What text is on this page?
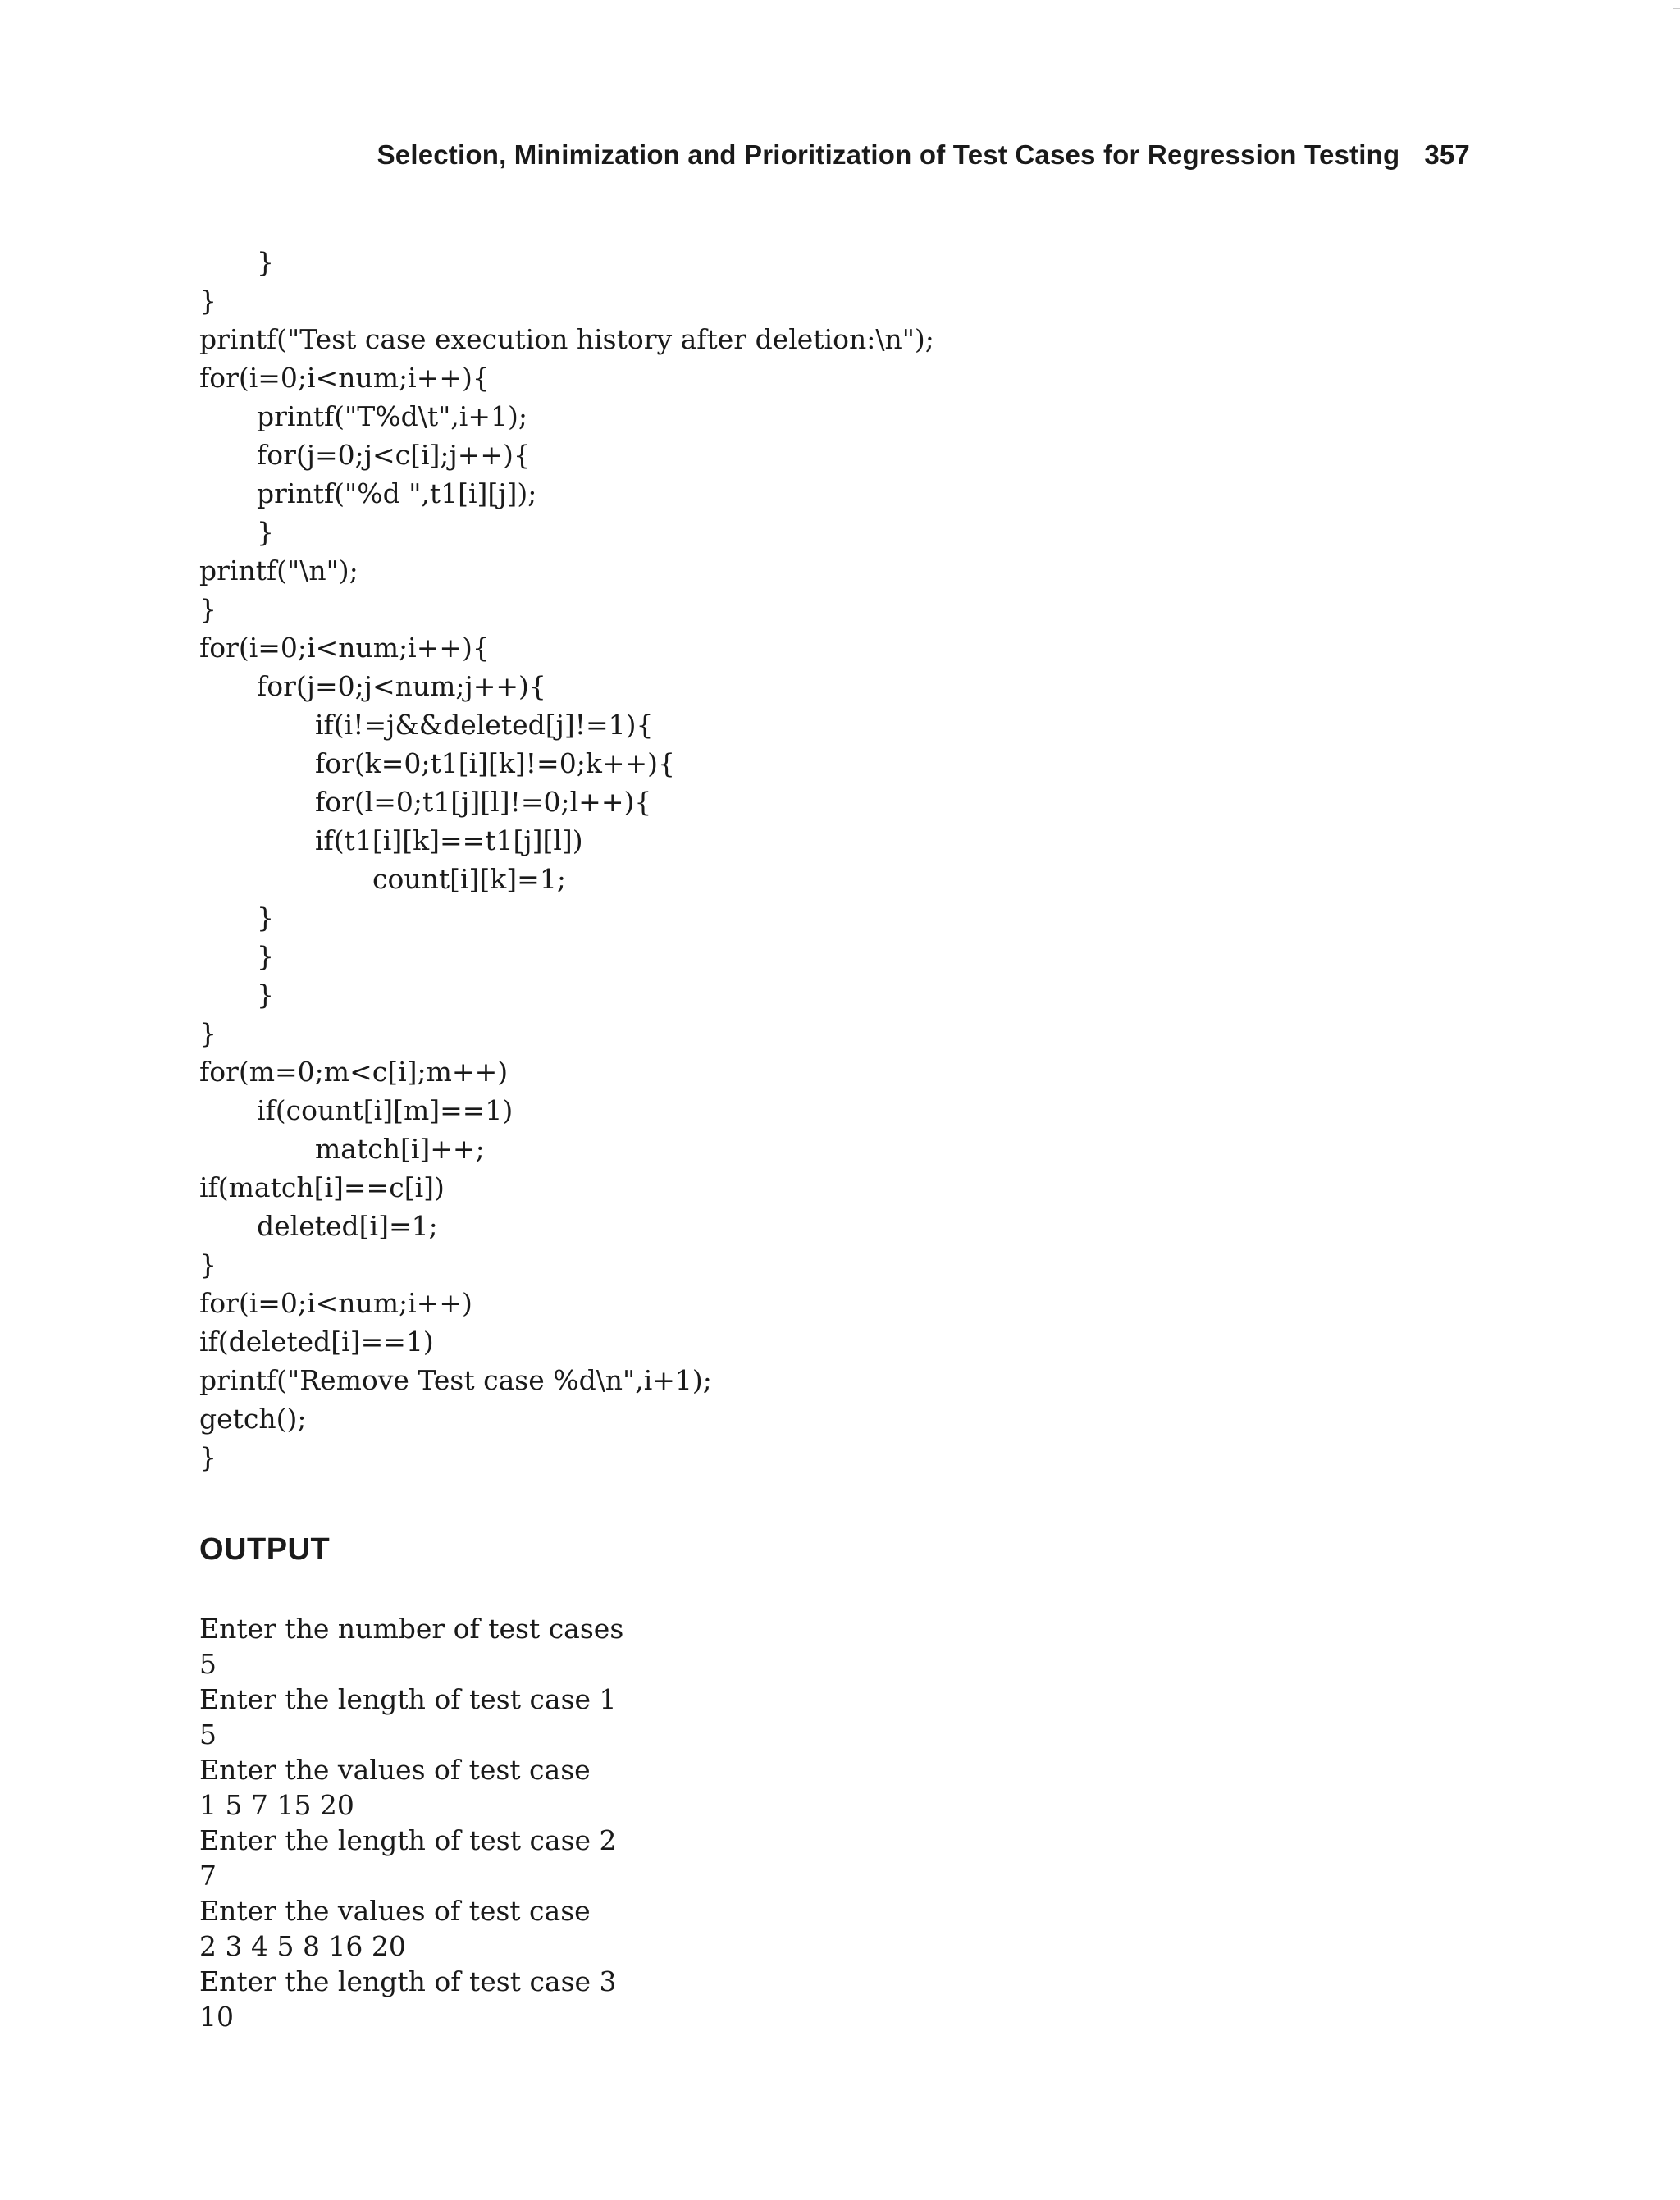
Selection, Minimization and Prioritization of Test Cases for Regression Testing 357
}
}
printf("Test case execution history after deletion:\n");
for(i=0;i<num;i++){
printf("T%d\t",i+1);
for(j=0;j<c[i];j++){
printf("%d ",t1[i][j]);
}
printf("\n");
}
for(i=0;i<num;i++){
for(j=0;j<num;j++){
if(i!=j&&deleted[j]!=1){
for(k=0;t1[i][k]!=0;k++){
for(l=0;t1[j][l]!=0;l++){
if(t1[i][k]==t1[j][l])
count[i][k]=1;
}
}
}
}
for(m=0;m<c[i];m++)
if(count[i][m]==1)
match[i]++;
if(match[i]==c[i])
deleted[i]=1;
}
for(i=0;i<num;i++)
if(deleted[i]==1)
printf("Remove Test case %d\n",i+1);
getch();
}
OUTPUT
Enter the number of test cases
5
Enter the length of test case 1
5
Enter the values of test case
1 5 7 15 20
Enter the length of test case 2
7
Enter the values of test case
2 3 4 5 8 16 20
Enter the length of test case 3
10
